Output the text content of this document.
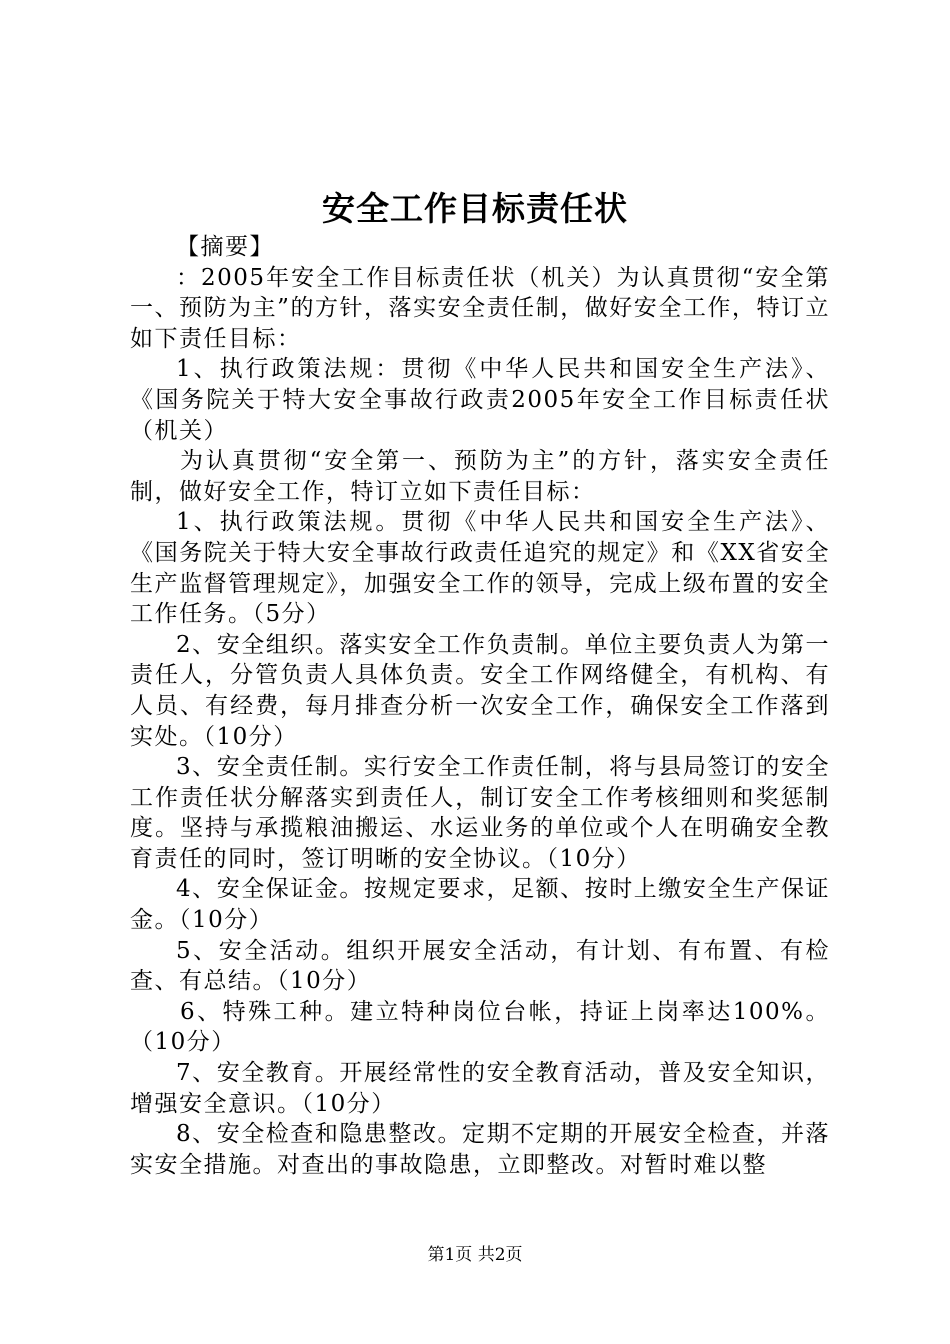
安全工作目标责任状

【摘要】

：2005年安全工作目标责任状（机关）为认真贯彻“安全第一、预防为主”的方针，落实安全责任制，做好安全工作，特订立如下责任目标：

1、执行政策法规：贯彻《中华人民共和国安全生产法》、《国务院关于特大安全事故行政责2005年安全工作目标责任状（机关）

为认真贯彻“安全第一、预防为主”的方针，落实安全责任制，做好安全工作，特订立如下责任目标：

1、执行政策法规。贯彻《中华人民共和国安全生产法》、《国务院关于特大安全事故行政责任追究的规定》和《XX省安全生产监督管理规定》，加强安全工作的领导，完成上级布置的安全工作任务。（5分）

2、安全组织。落实安全工作负责制。单位主要负责人为第一责任人，分管负责人具体负责。安全工作网络健全，有机构、有人员、有经费，每月排查分析一次安全工作，确保安全工作落到实处。（10分）

3、安全责任制。实行安全工作责任制，将与县局签订的安全工作责任状分解落实到责任人，制订安全工作考核细则和奖惩制度。坚持与承揽粮油搬运、水运业务的单位或个人在明确安全教育责任的同时，签订明晰的安全协议。（10分）

4、安全保证金。按规定要求，足额、按时上缴安全生产保证金。（10分）

5、安全活动。组织开展安全活动，有计划、有布置、有检查、有总结。（10分）

6、特殊工种。建立特种岗位台帐，持证上岗率达100%。（10分）

7、安全教育。开展经常性的安全教育活动，普及安全知识，增强安全意识。（10分）

8、安全检查和隐患整改。定期不定期的开展安全检查，并落实安全措施。对查出的事故隐患，立即整改。对暂时难以整

第1页 共2页
